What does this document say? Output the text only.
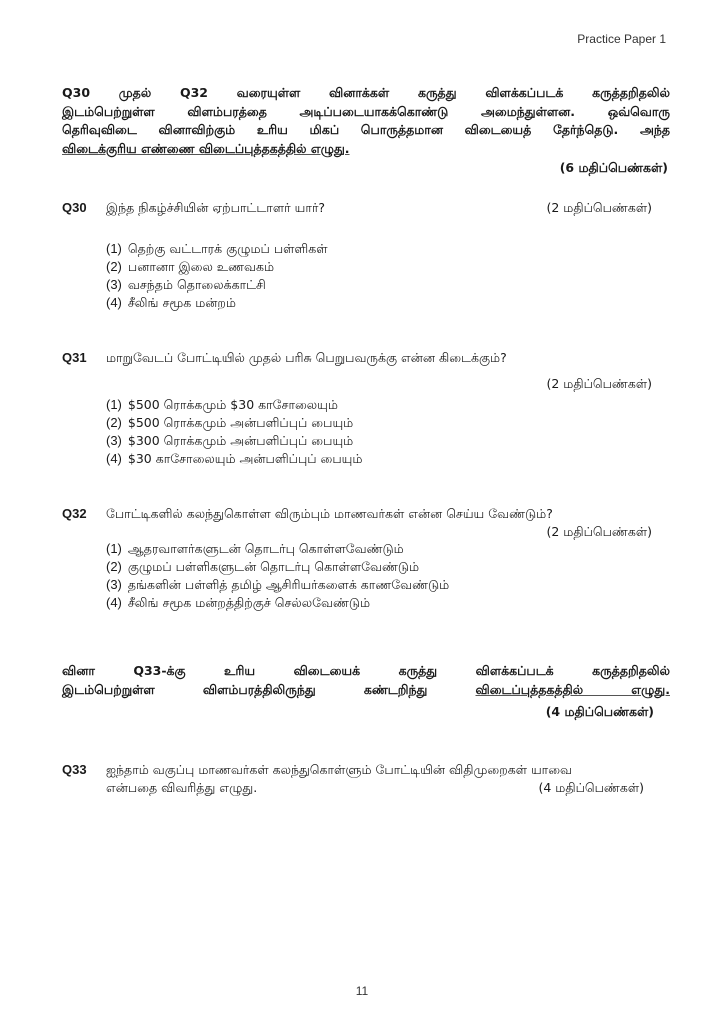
Practice Paper 1
Q30 முதல் Q32 வரையுள்ள வினாக்கள் கருத்து விளக்கப்படக் கருத்தறிதலில்
இடம்பெற்றுள்ள விளம்பரத்தை அடிப்படையாகக்கொண்டு அமைந்துள்ளன. ஒவ்வொரு
தெரிவுவிடை வினாவிற்கும் உரிய மிகப் பொருத்தமான விடையைத் தேர்ந்தெடு. அந்த
விடைக்குரிய எண்ணை விடைப்புத்தகத்தில் எழுது.
(6 மதிப்பெண்கள்)
Q30 இந்த நிகழ்ச்சியின் ஏற்பாட்டாளர் யார்?	(2 மதிப்பெண்கள்)
(1) தெற்கு வட்டாரக் குழுமப் பள்ளிகள்
(2) பனானா இலை உணவகம்
(3) வசந்தம் தொலைக்காட்சி
(4) சீலிங் சமூக மன்றம்
Q31 மாறுவேடப் போட்டியில் முதல் பரிசு பெறுபவருக்கு என்ன கிடைக்கும்?
(2 மதிப்பெண்கள்)
(1) $500 ரொக்கமும் $30 காசோலையும்
(2) $500 ரொக்கமும் அன்பளிப்புப் பையும்
(3) $300 ரொக்கமும் அன்பளிப்புப் பையும்
(4) $30 காசோலையும் அன்பளிப்புப் பையும்
Q32 போட்டிகளில் கலந்துகொள்ள விரும்பும் மாணவர்கள் என்ன செய்ய வேண்டும்?
(2 மதிப்பெண்கள்)
(1) ஆதரவாளர்களுடன் தொடர்பு கொள்ளவேண்டும்
(2) குழுமப் பள்ளிகளுடன் தொடர்பு கொள்ளவேண்டும்
(3) தங்களின் பள்ளித் தமிழ் ஆசிரியர்களைக் காணவேண்டும்
(4) சீலிங் சமூக மன்றத்திற்குச் செல்லவேண்டும்
வினா Q33-க்கு உரிய விடையைக் கருத்து விளக்கப்படக் கருத்தறிதலில்
இடம்பெற்றுள்ள விளம்பரத்திலிருந்து கண்டறிந்து விடைப்புத்தகத்தில் எழுது.
(4 மதிப்பெண்கள்)
Q33 ஐந்தாம் வகுப்பு மாணவர்கள் கலந்துகொள்ளும் போட்டியின் விதிமுறைகள் யாவை
என்பதை விவரித்து எழுது.	(4 மதிப்பெண்கள்)
11
